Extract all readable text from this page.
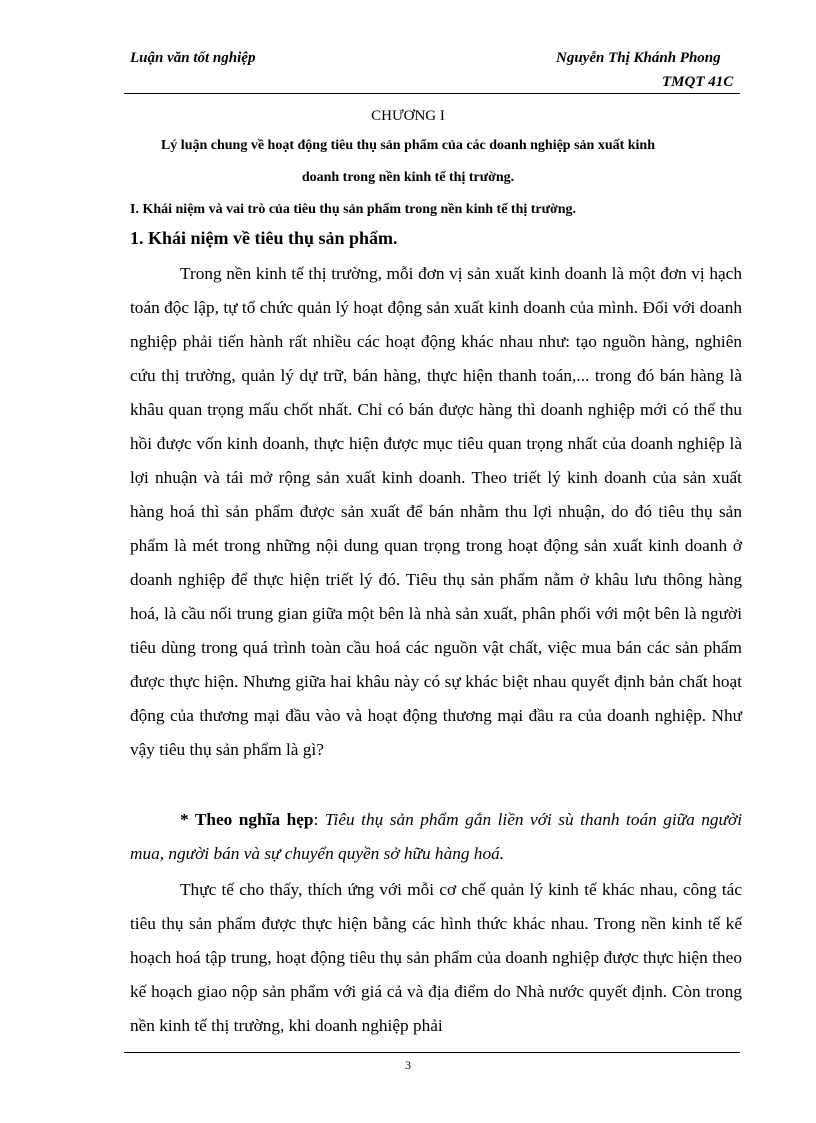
Luận văn tốt nghiệp	Nguyễn Thị Khánh Phong
TMQT 41C
CHƯƠNG I
Lý luận chung về hoạt động tiêu thụ sản phẩm của các doanh nghiệp sản xuất kinh
doanh trong nền kinh tế thị trường.
I. Khái niệm và vai trò của tiêu thụ sản phẩm trong nền kinh tế thị trường.
1. Khái niệm về tiêu thụ sản phẩm.

Trong nền kinh tế thị trường, mỗi đơn vị sản xuất kinh doanh là một đơn vị hạch toán độc lập, tự tổ chức quản lý hoạt động sản xuất kinh doanh của mình. Đối với doanh nghiệp phải tiến hành rất nhiều các hoạt động khác nhau như: tạo nguồn hàng, nghiên cứu thị trường, quản lý dự trữ, bán hàng, thực hiện thanh toán,... trong đó bán hàng là khâu quan trọng mấu chốt nhất. Chỉ có bán được hàng thì doanh nghiệp mới có thể thu hồi được vốn kinh doanh, thực hiện được mục tiêu quan trọng nhất của doanh nghiệp là lợi nhuận và tái mở rộng sản xuất kinh doanh. Theo triết lý kinh doanh của sản xuất hàng hoá thì sản phẩm được sản xuất để bán nhằm thu lợi nhuận, do đó tiêu thụ sản phẩm là mét trong những nội dung quan trọng trong hoạt động sản xuất kinh doanh ở doanh nghiệp để thực hiện triết lý đó. Tiêu thụ sản phẩm nằm ở khâu lưu thông hàng hoá, là cầu nối trung gian giữa một bên là nhà sản xuất, phân phối với một bên là người tiêu dùng trong quá trình toàn cầu hoá các nguồn vật chất, việc mua bán các sản phẩm được thực hiện. Nhưng giữa hai khâu này có sự khác biệt nhau quyết định bản chất hoạt động của thương mại đầu vào và hoạt động thương mại đầu ra của doanh nghiệp. Như vậy tiêu thụ sản phẩm là gì?

* Theo nghĩa hẹp: Tiêu thụ sản phẩm gắn liền với sù thanh toán giữa người mua, người bán và sự chuyển quyền sở hữu hàng hoá.

Thực tế cho thấy, thích ứng với mỗi cơ chế quản lý kinh tế khác nhau, công tác tiêu thụ sản phẩm được thực hiện bằng các hình thức khác nhau. Trong nền kinh tế kế hoạch hoá tập trung, hoạt động tiêu thụ sản phẩm của doanh nghiệp được thực hiện theo kế hoạch giao nộp sản phẩm với giá cả và địa điểm do Nhà nước quyết định. Còn trong nền kinh tế thị trường, khi doanh nghiệp phải

3
